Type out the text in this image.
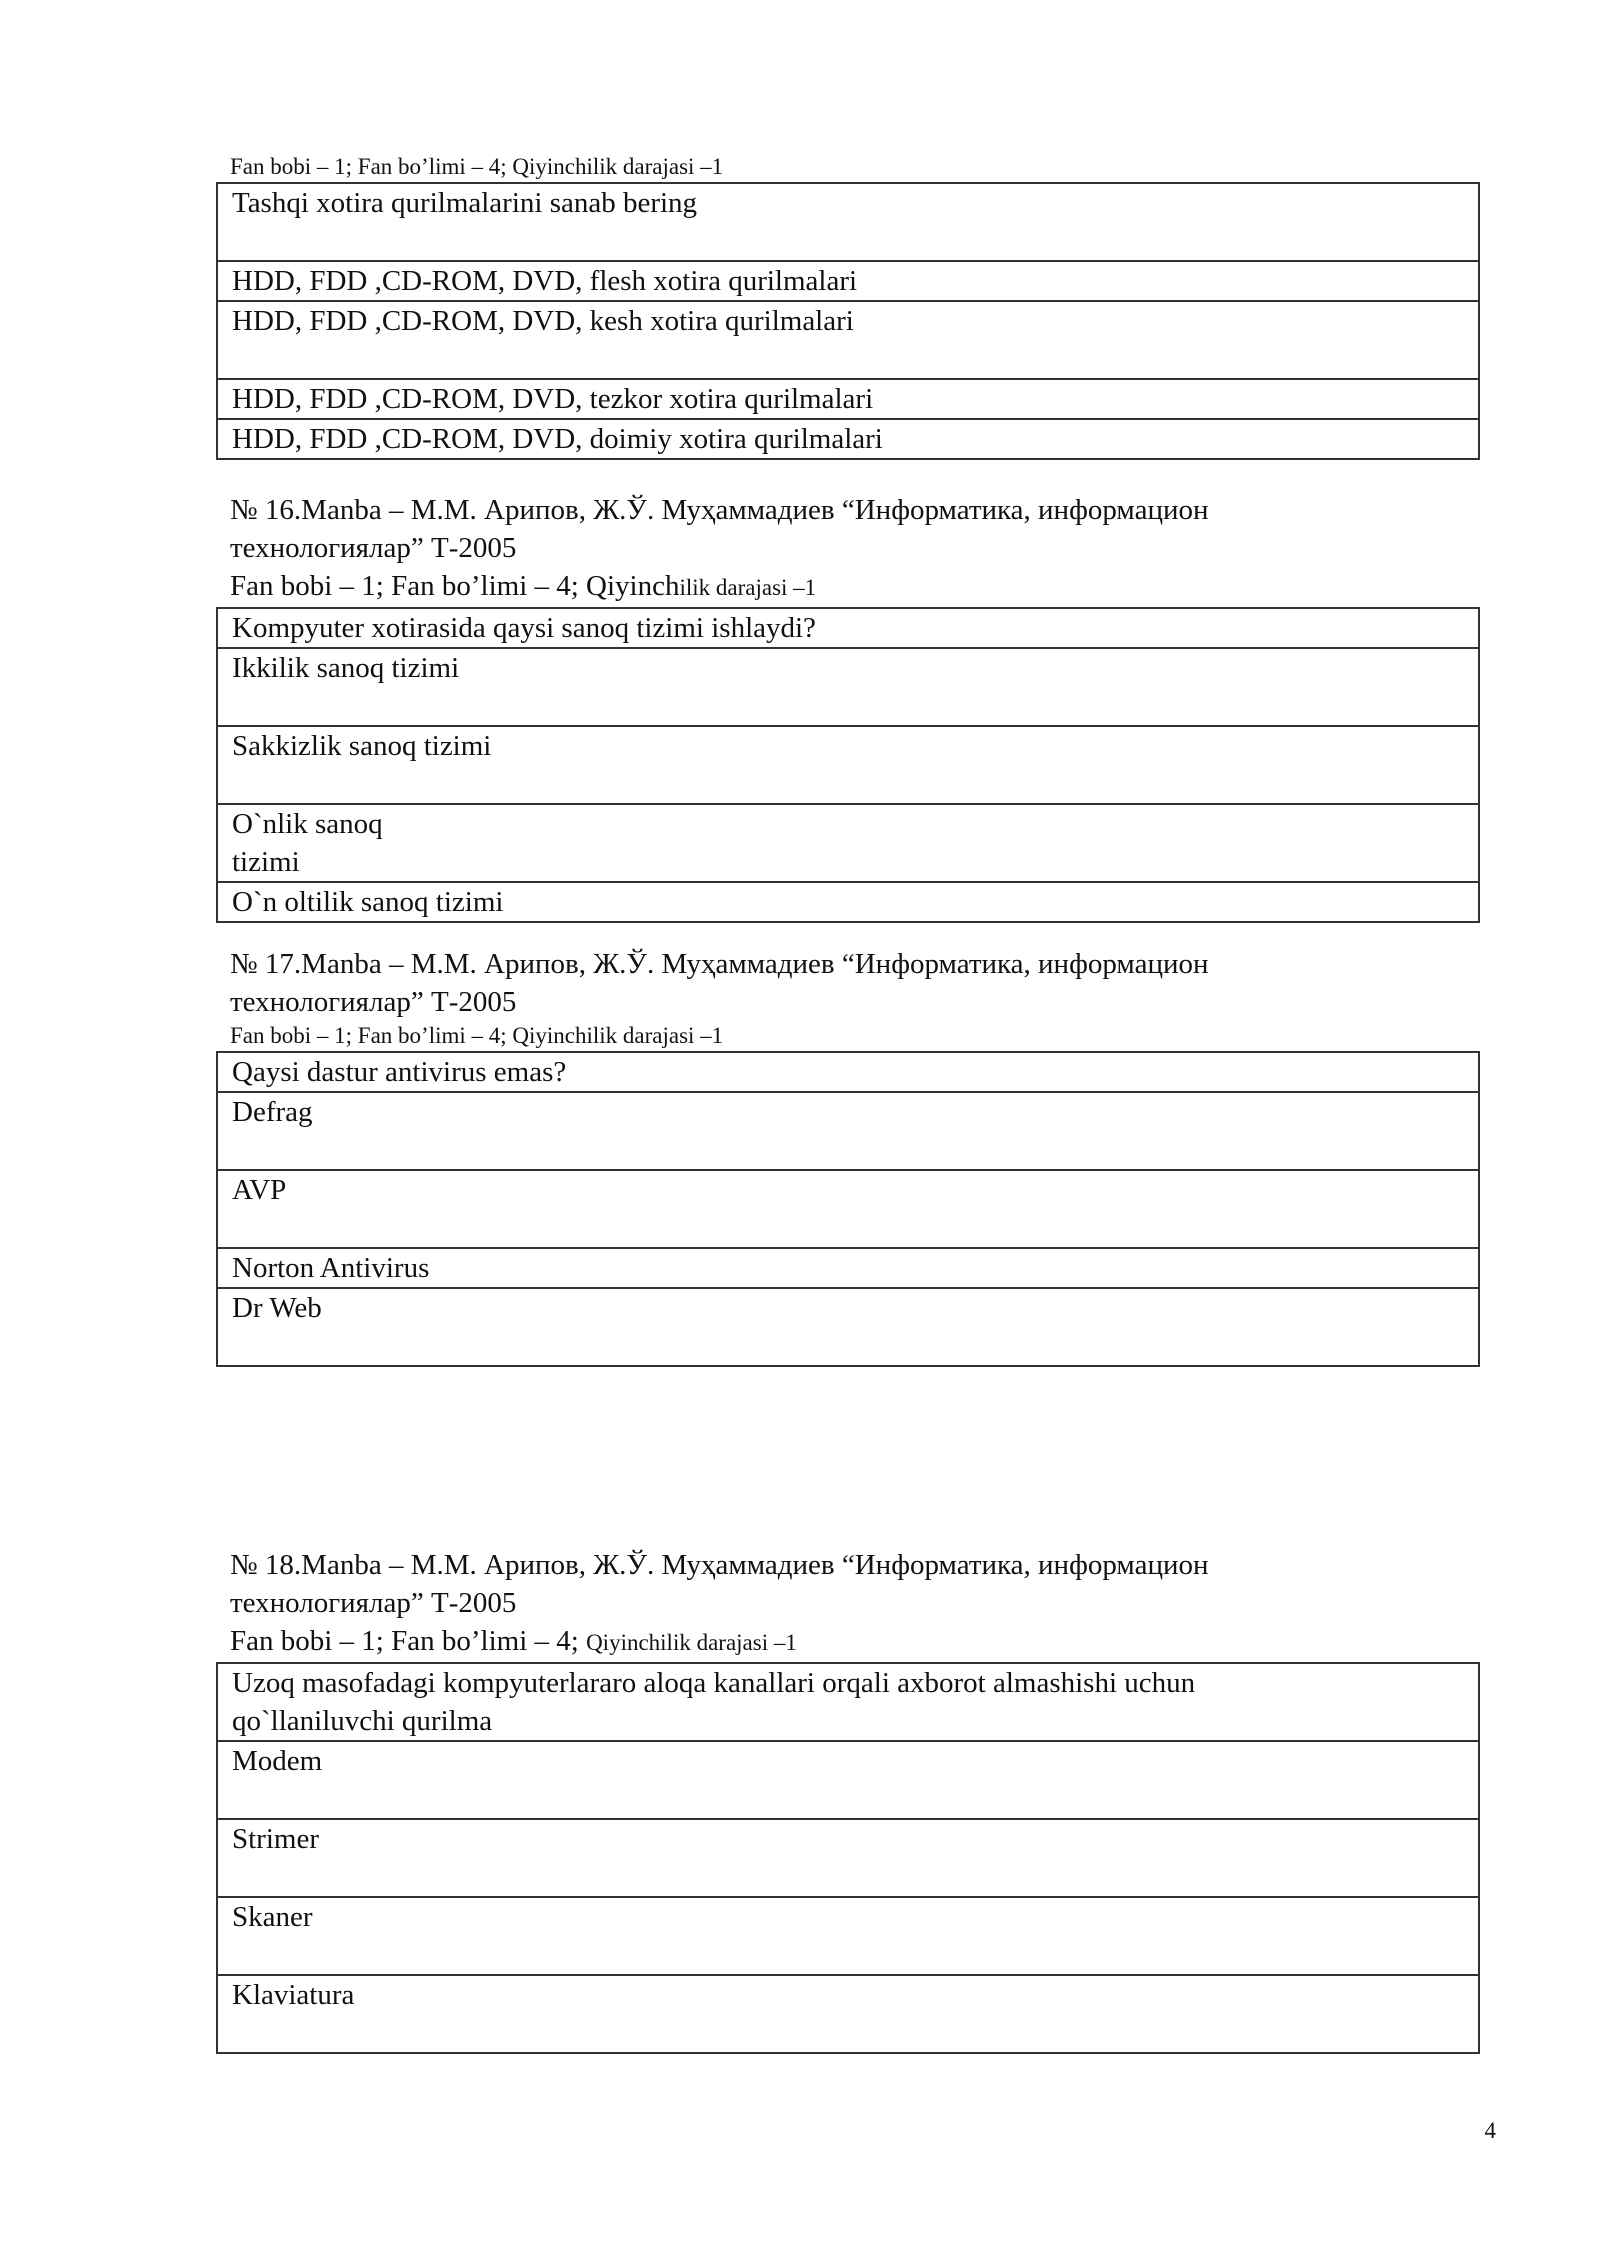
Fan bobi – 1; Fan bo’limi – 4; Qiyinchilik darajasi –1
Tashqi xotira qurilmalarini sanab bering
HDD, FDD ,CD-ROM, DVD, flesh xotira qurilmalari
HDD, FDD ,CD-ROM, DVD, kesh xotira qurilmalari
HDD, FDD ,CD-ROM, DVD, tezkor xotira qurilmalari
HDD, FDD ,CD-ROM, DVD, doimiy xotira qurilmalari
№ 16.Manba – M.M. Арипов, Ж.Ў. Муҳаммадиев “Информатика, информацион
технологиялар” Т-2005
Fan bobi – 1; Fan bo’limi – 4; Qiyinchilik darajasi –1
Kompyuter xotirasida qaysi sanoq tizimi ishlaydi?
Ikkilik sanoq tizimi
Sakkizlik sanoq tizimi
O`nlik sanoq
tizimi
O`n oltilik sanoq tizimi
№ 17.Manba – M.M. Арипов, Ж.Ў. Муҳаммадиев “Информатика, информацион
технологиялар” Т-2005
Fan bobi – 1; Fan bo’limi – 4; Qiyinchilik darajasi –1
Qaysi dastur antivirus emas?
Defrag
AVP
Norton Antivirus
Dr Web
№ 18.Manba – M.M. Арипов, Ж.Ў. Муҳаммадиев “Информатика, информацион
технологиялар” Т-2005
Fan bobi – 1; Fan bo’limi – 4; Qiyinchilik darajasi –1
Uzoq masofadagi kompyuterlararo aloqa kanallari orqali axborot almashishi uchun
qo`llaniluvchi qurilma
Modem
Strimer
Skaner
Klaviatura
4
